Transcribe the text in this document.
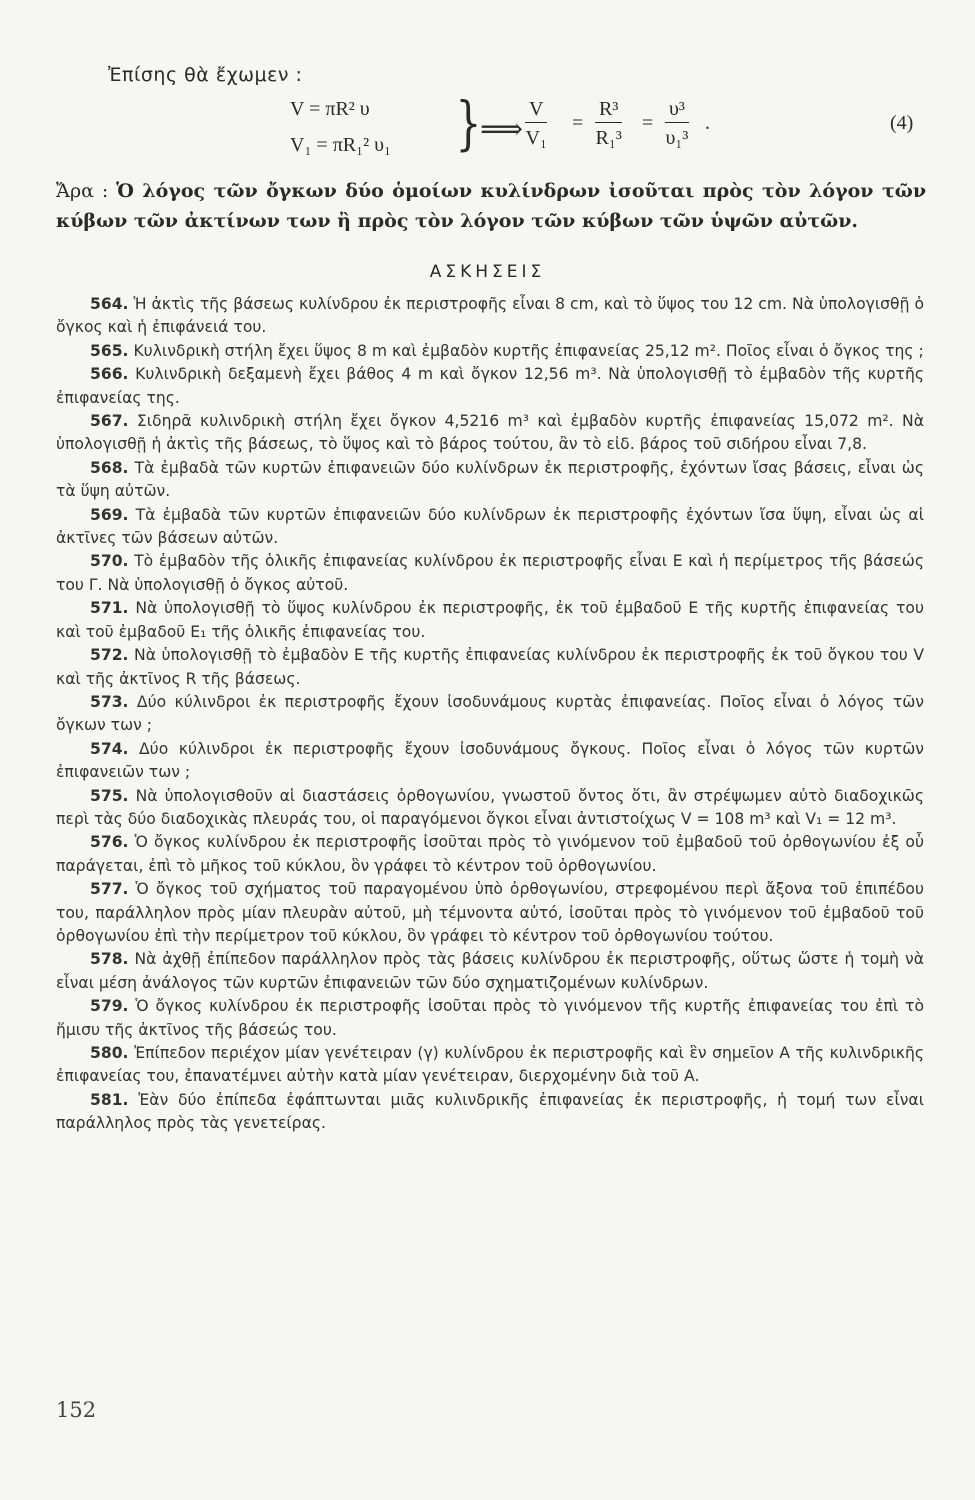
Ἐπίσης θὰ ἔχωμεν :
V = πR² υ
V₁ = πR₁² υ₁ }
⟹ $\frac{V}{\text{V₁}} = \frac{\text{R³}}{\text{R₁³}} = \frac{\text{υ³}}{\text{υ₁³}}$ .	(4)
Ἄρα : Ὁ λόγος τῶν ὄγκων δύο ὁμοίων κυλίνδρων ἰσοῦται πρὸς τὸν λόγον τῶν κύβων τῶν ἀκτίνων των ἢ πρὸς τὸν λόγον τῶν κύβων τῶν ὑψῶν αὐτῶν.
ΑΣΚΗΣΕΙΣ

564. Ἡ ἀκτὶς τῆς βάσεως κυλίνδρου ἐκ περιστροφῆς εἶναι 8 cm, καὶ τὸ ὕψος του 12 cm. Νὰ ὑπολογισθῇ ὁ ὄγκος καὶ ἡ ἐπιφάνειά του.

565. Κυλινδρικὴ στήλη ἔχει ὕψος 8 m καὶ ἐμβαδὸν κυρτῆς ἐπιφανείας 25,12 m². Ποῖος εἶναι ὁ ὄγκος της ;

566. Κυλινδρικὴ δεξαμενὴ ἔχει βάθος 4 m καὶ ὄγκον 12,56 m³. Νὰ ὑπολογισθῇ τὸ ἐμβαδὸν τῆς κυρτῆς ἐπιφανείας της.

567. Σιδηρᾶ κυλινδρικὴ στήλη ἔχει ὄγκον 4,5216 m³ καὶ ἐμβαδὸν κυρτῆς ἐπιφανείας 15,072 m². Νὰ ὑπολογισθῇ ἡ ἀκτὶς τῆς βάσεως, τὸ ὕψος καὶ τὸ βάρος τούτου, ἂν τὸ εἰδ. βάρος τοῦ σιδήρου εἶναι 7,8.

568. Τὰ ἐμβαδὰ τῶν κυρτῶν ἐπιφανειῶν δύο κυλίνδρων ἐκ περιστροφῆς, ἐχόντων ἴσας βάσεις, εἶναι ὡς τὰ ὕψη αὐτῶν.

569. Τὰ ἐμβαδὰ τῶν κυρτῶν ἐπιφανειῶν δύο κυλίνδρων ἐκ περιστροφῆς ἐχόντων ἴσα ὕψη, εἶναι ὡς αἱ ἀκτῖνες τῶν βάσεων αὐτῶν.

570. Τὸ ἐμβαδὸν τῆς ὁλικῆς ἐπιφανείας κυλίνδρου ἐκ περιστροφῆς εἶναι Ε καὶ ἡ περίμετρος τῆς βάσεώς του Γ. Νὰ ὑπολογισθῇ ὁ ὄγκος αὐτοῦ.

571. Νὰ ὑπολογισθῇ τὸ ὕψος κυλίνδρου ἐκ περιστροφῆς, ἐκ τοῦ ἐμβαδοῦ Ε τῆς κυρτῆς ἐπιφανείας του καὶ τοῦ ἐμβαδοῦ Ε₁ τῆς ὁλικῆς ἐπιφανείας του.

572. Νὰ ὑπολογισθῇ τὸ ἐμβαδὸν Ε τῆς κυρτῆς ἐπιφανείας κυλίνδρου ἐκ περιστροφῆς ἐκ τοῦ ὄγκου του V καὶ τῆς ἀκτῖνος R τῆς βάσεως.

573. Δύο κύλινδροι ἐκ περιστροφῆς ἔχουν ἰσοδυνάμους κυρτὰς ἐπιφανείας. Ποῖος εἶναι ὁ λόγος τῶν ὄγκων των ;

574. Δύο κύλινδροι ἐκ περιστροφῆς ἔχουν ἰσοδυνάμους ὄγκους. Ποῖος εἶναι ὁ λόγος τῶν κυρτῶν ἐπιφανειῶν των ;

575. Νὰ ὑπολογισθοῦν αἱ διαστάσεις ὀρθογωνίου, γνωστοῦ ὄντος ὅτι, ἂν στρέψωμεν αὐτὸ διαδοχικῶς περὶ τὰς δύο διαδοχικὰς πλευράς του, οἱ παραγόμενοι ὄγκοι εἶναι ἀντιστοίχως V = 108 m³ καὶ V₁ = 12 m³.

576. Ὁ ὄγκος κυλίνδρου ἐκ περιστροφῆς ἰσοῦται πρὸς τὸ γινόμενον τοῦ ἐμβαδοῦ τοῦ ὀρθογωνίου ἐξ οὗ παράγεται, ἐπὶ τὸ μῆκος τοῦ κύκλου, ὃν γράφει τὸ κέντρον τοῦ ὀρθογωνίου.

577. Ὁ ὄγκος τοῦ σχήματος τοῦ παραγομένου ὑπὸ ὀρθογωνίου, στρεφομένου περὶ ἄξονα τοῦ ἐπιπέδου του, παράλληλον πρὸς μίαν πλευρὰν αὐτοῦ, μὴ τέμνοντα αὐτό, ἰσοῦται πρὸς τὸ γινόμενον τοῦ ἐμβαδοῦ τοῦ ὀρθογωνίου ἐπὶ τὴν περίμετρον τοῦ κύκλου, ὃν γράφει τὸ κέντρον τοῦ ὀρθογωνίου τούτου.

578. Νὰ ἀχθῇ ἐπίπεδον παράλληλον πρὸς τὰς βάσεις κυλίνδρου ἐκ περιστροφῆς, οὕτως ὥστε ἡ τομὴ νὰ εἶναι μέση ἀνάλογος τῶν κυρτῶν ἐπιφανειῶν τῶν δύο σχηματιζομένων κυλίνδρων.

579. Ὁ ὄγκος κυλίνδρου ἐκ περιστροφῆς ἰσοῦται πρὸς τὸ γινόμενον τῆς κυρτῆς ἐπιφανείας του ἐπὶ τὸ ἥμισυ τῆς ἀκτῖνος τῆς βάσεώς του.

580. Ἐπίπεδον περιέχον μίαν γενέτειραν (γ) κυλίνδρου ἐκ περιστροφῆς καὶ ἓν σημεῖον Α τῆς κυλινδρικῆς ἐπιφανείας του, ἐπανατέμνει αὐτὴν κατὰ μίαν γενέτειραν, διερχομένην διὰ τοῦ Α.

581. Ἐὰν δύο ἐπίπεδα ἐφάπτωνται μιᾶς κυλινδρικῆς ἐπιφανείας ἐκ περιστροφῆς, ἡ τομή των εἶναι παράλληλος πρὸς τὰς γενετείρας.

152
